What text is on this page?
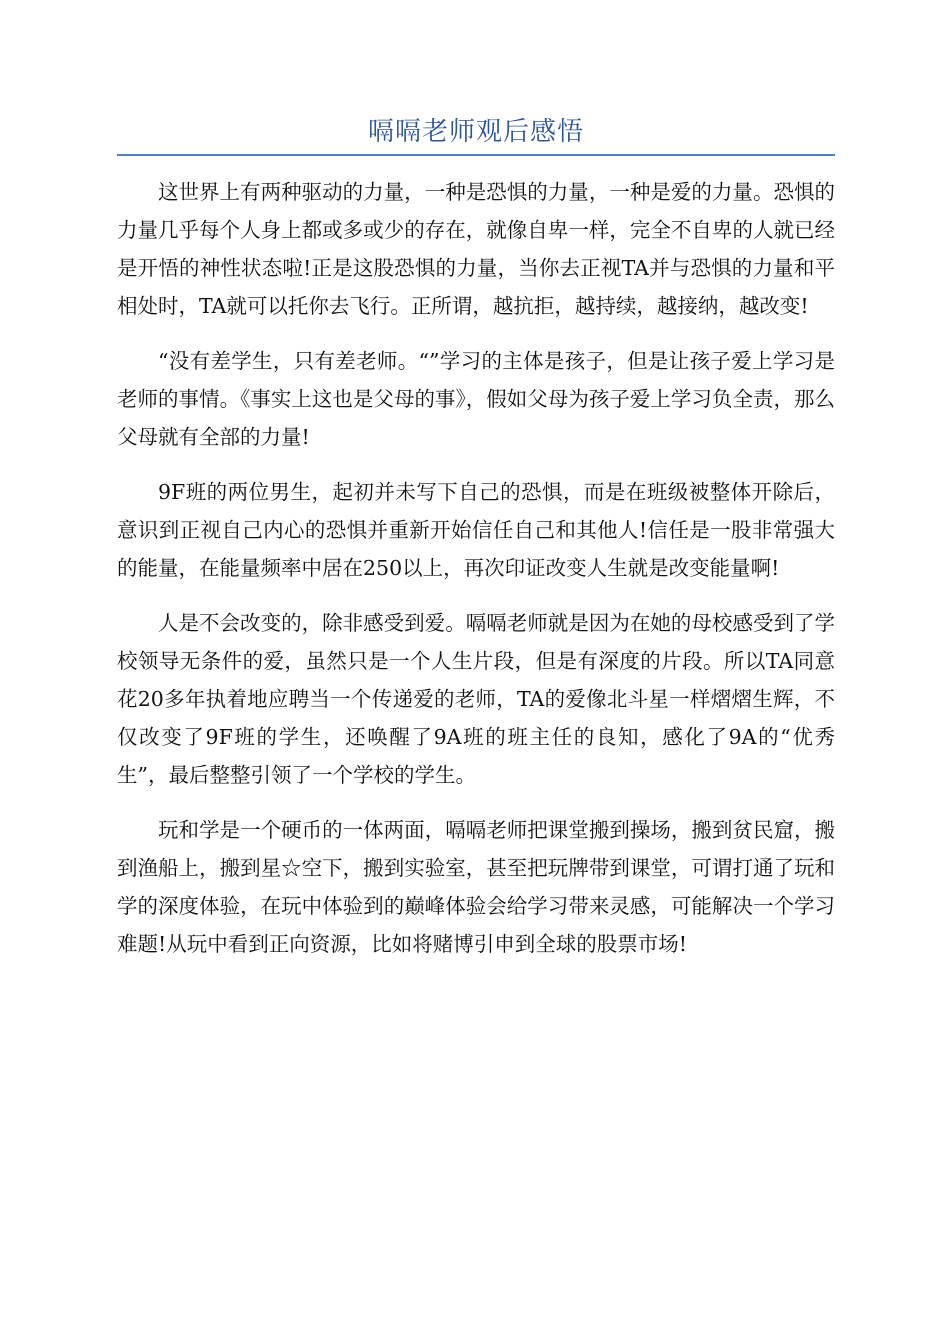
嗝嗝老师观后感悟

这世界上有两种驱动的力量，一种是恐惧的力量，一种是爱的力量。恐惧的力量几乎每个人身上都或多或少的存在，就像自卑一样，完全不自卑的人就已经是开悟的神性状态啦!正是这股恐惧的力量，当你去正视TA并与恐惧的力量和平相处时，TA就可以托你去飞行。正所谓，越抗拒，越持续，越接纳，越改变!

“没有差学生，只有差老师。“”学习的主体是孩子，但是让孩子爱上学习是老师的事情。《事实上这也是父母的事》，假如父母为孩子爱上学习负全责，那么父母就有全部的力量!

9F班的两位男生，起初并未写下自己的恐惧，而是在班级被整体开除后，意识到正视自己内心的恐惧并重新开始信任自己和其他人!信任是一股非常强大的能量，在能量频率中居在250以上，再次印证改变人生就是改变能量啊!

人是不会改变的，除非感受到爱。嗝嗝老师就是因为在她的母校感受到了学校领导无条件的爱，虽然只是一个人生片段，但是有深度的片段。所以TA同意花20多年执着地应聘当一个传递爱的老师，TA的爱像北斗星一样熠熠生辉，不仅改变了9F班的学生，还唤醒了9A班的班主任的良知，感化了9A的“优秀生”，最后整整引领了一个学校的学生。

玩和学是一个硬币的一体两面，嗝嗝老师把课堂搬到操场，搬到贫民窟，搬到渔船上，搬到星☆空下，搬到实验室，甚至把玩牌带到课堂，可谓打通了玩和学的深度体验，在玩中体验到的巅峰体验会给学习带来灵感，可能解决一个学习难题!从玩中看到正向资源，比如将赌博引申到全球的股票市场!
